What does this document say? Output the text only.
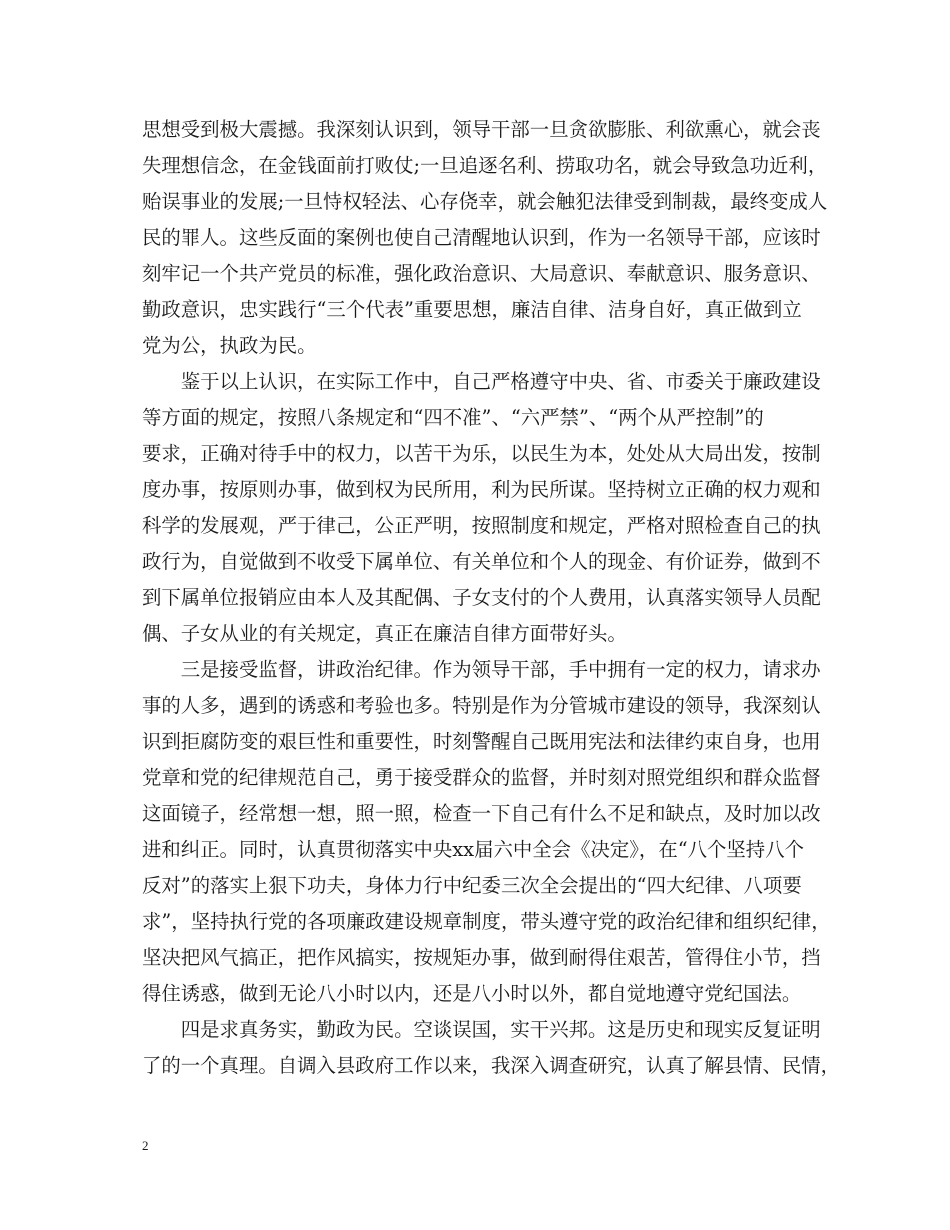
思想受到极大震撼。我深刻认识到，领导干部一旦贪欲膨胀、利欲熏心，就会丧
失理想信念，在金钱面前打败仗;一旦追逐名利、捞取功名，就会导致急功近利，
贻误事业的发展;一旦恃权轻法、心存侥幸，就会触犯法律受到制裁，最终变成人
民的罪人。这些反面的案例也使自己清醒地认识到，作为一名领导干部，应该时
刻牢记一个共产党员的标准，强化政治意识、大局意识、奉献意识、服务意识、
勤政意识，忠实践行“三个代表”重要思想，廉洁自律、洁身自好，真正做到立
党为公，执政为民。
　　鉴于以上认识，在实际工作中，自己严格遵守中央、省、市委关于廉政建设
等方面的规定，按照八条规定和“四不准”、“六严禁”、“两个从严控制”的
要求，正确对待手中的权力，以苦干为乐，以民生为本，处处从大局出发，按制
度办事，按原则办事，做到权为民所用，利为民所谋。坚持树立正确的权力观和
科学的发展观，严于律己，公正严明，按照制度和规定，严格对照检查自己的执
政行为，自觉做到不收受下属单位、有关单位和个人的现金、有价证券，做到不
到下属单位报销应由本人及其配偶、子女支付的个人费用，认真落实领导人员配
偶、子女从业的有关规定，真正在廉洁自律方面带好头。
　　三是接受监督，讲政治纪律。作为领导干部，手中拥有一定的权力，请求办
事的人多，遇到的诱惑和考验也多。特别是作为分管城市建设的领导，我深刻认
识到拒腐防变的艰巨性和重要性，时刻警醒自己既用宪法和法律约束自身，也用
党章和党的纪律规范自己，勇于接受群众的监督，并时刻对照党组织和群众监督
这面镜子，经常想一想，照一照，检查一下自己有什么不足和缺点，及时加以改
进和纠正。同时，认真贯彻落实中央xx届六中全会《决定》，在“八个坚持八个
反对”的落实上狠下功夫，身体力行中纪委三次全会提出的“四大纪律、八项要
求”，坚持执行党的各项廉政建设规章制度，带头遵守党的政治纪律和组织纪律，
坚决把风气搞正，把作风搞实，按规矩办事，做到耐得住艰苦，管得住小节，挡
得住诱惑，做到无论八小时以内，还是八小时以外，都自觉地遵守党纪国法。
　　四是求真务实，勤政为民。空谈误国，实干兴邦。这是历史和现实反复证明
了的一个真理。自调入县政府工作以来，我深入调查研究，认真了解县情、民情，
2
